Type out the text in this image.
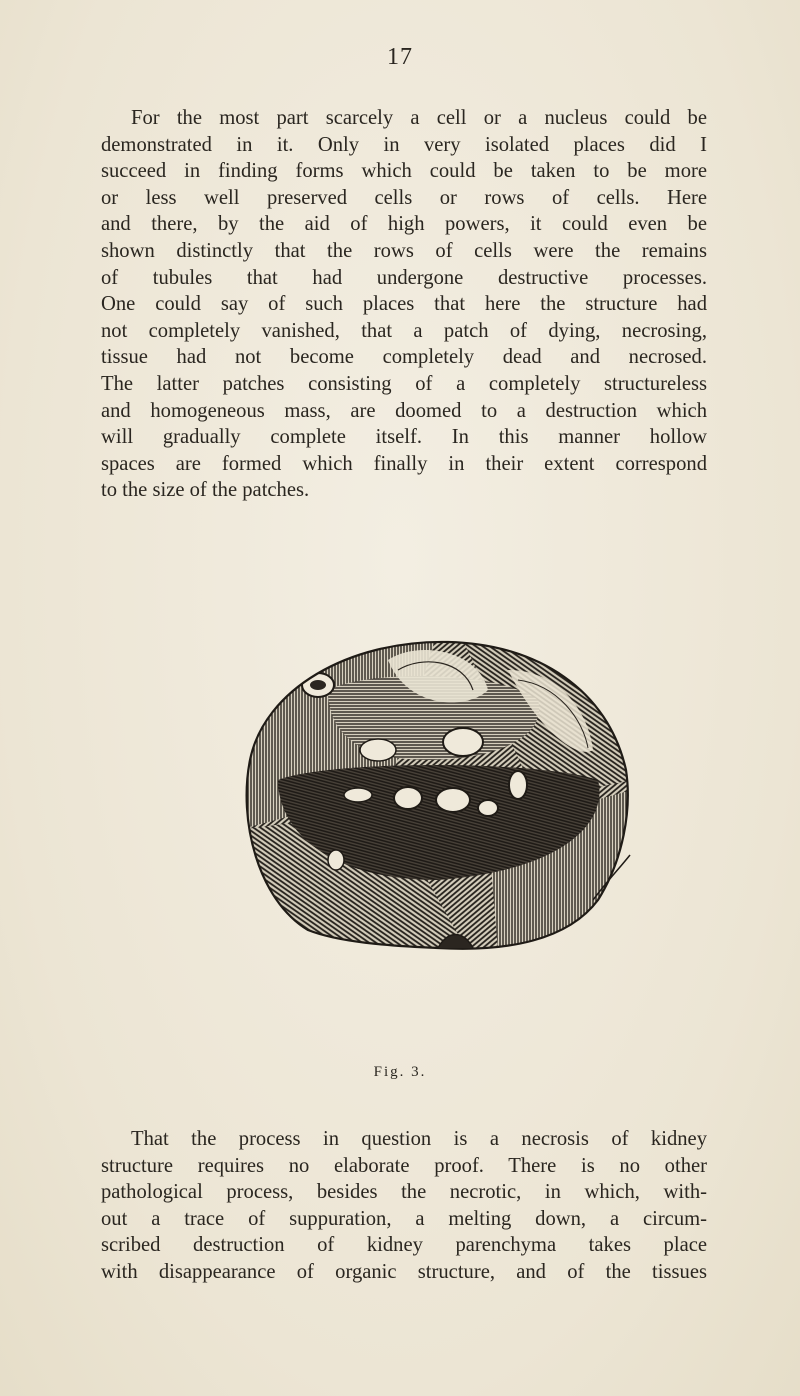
17
For the most part scarcely a cell or a nucleus could be
demonstrated in it. Only in very isolated places did I
succeed in finding forms which could be taken to be more
or less well preserved cells or rows of cells. Here
and there, by the aid of high powers, it could even be
shown distinctly that the rows of cells were the remains
of tubules that had undergone destructive processes.
One could say of such places that here the structure had
not completely vanished, that a patch of dying, necrosing,
tissue had not become completely dead and necrosed.
The latter patches consisting of a completely structureless
and homogeneous mass, are doomed to a destruction which
will gradually complete itself. In this manner hollow
spaces are formed which finally in their extent correspond
to the size of the patches.
Fig. 3.
That the process in question is a necrosis of kidney
structure requires no elaborate proof. There is no other
pathological process, besides the necrotic, in which, with-
out a trace of suppuration, a melting down, a circum-
scribed destruction of kidney parenchyma takes place
with disappearance of organic structure, and of the tissues
